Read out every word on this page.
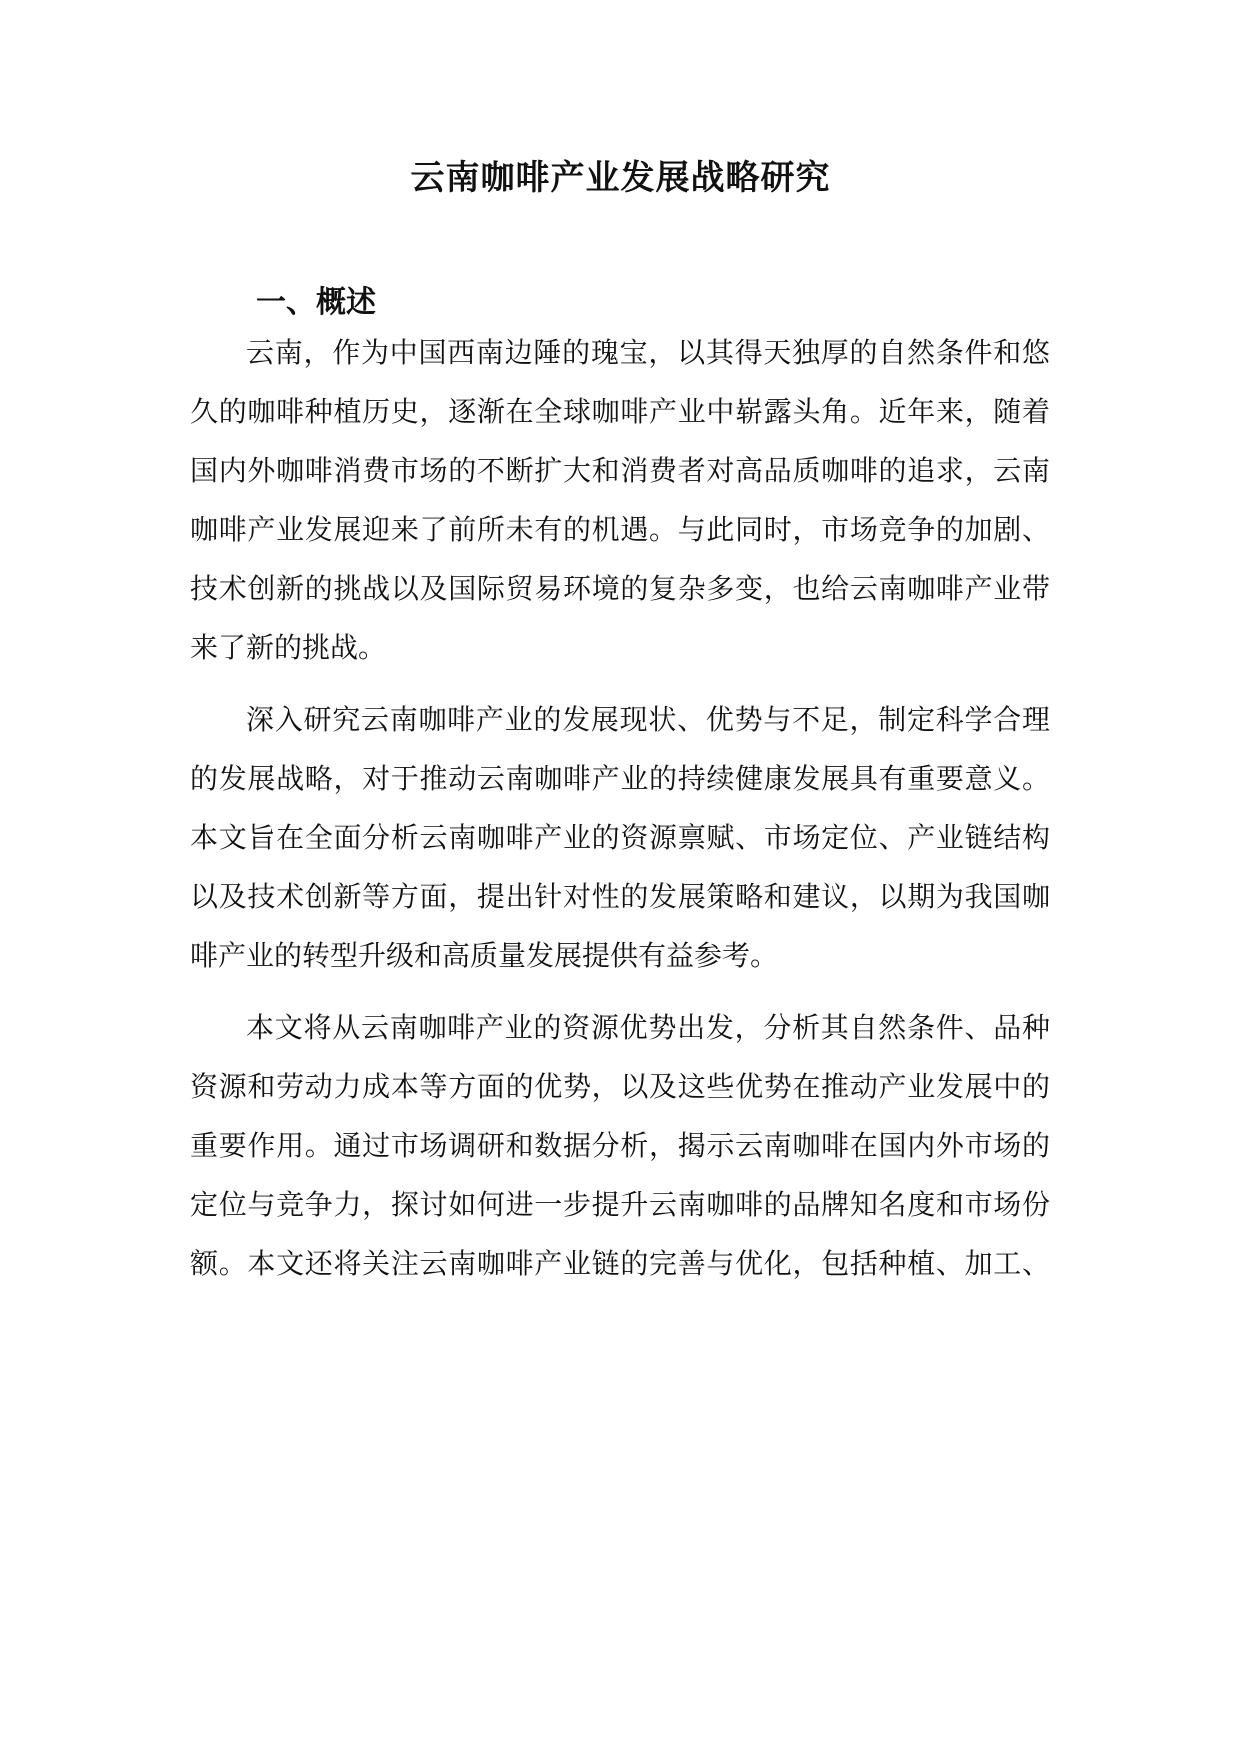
云南咖啡产业发展战略研究
一、概述

云南，作为中国西南边陲的瑰宝，以其得天独厚的自然条件和悠

久的咖啡种植历史，逐渐在全球咖啡产业中崭露头角。近年来，随着

国内外咖啡消费市场的不断扩大和消费者对高品质咖啡的追求，云南

咖啡产业发展迎来了前所未有的机遇。与此同时，市场竞争的加剧、

技术创新的挑战以及国际贸易环境的复杂多变，也给云南咖啡产业带

来了新的挑战。

深入研究云南咖啡产业的发展现状、优势与不足，制定科学合理

的发展战略，对于推动云南咖啡产业的持续健康发展具有重要意义。

本文旨在全面分析云南咖啡产业的资源禀赋、市场定位、产业链结构

以及技术创新等方面，提出针对性的发展策略和建议，以期为我国咖

啡产业的转型升级和高质量发展提供有益参考。

本文将从云南咖啡产业的资源优势出发，分析其自然条件、品种

资源和劳动力成本等方面的优势，以及这些优势在推动产业发展中的

重要作用。通过市场调研和数据分析，揭示云南咖啡在国内外市场的

定位与竞争力，探讨如何进一步提升云南咖啡的品牌知名度和市场份

额。本文还将关注云南咖啡产业链的完善与优化，包括种植、加工、
